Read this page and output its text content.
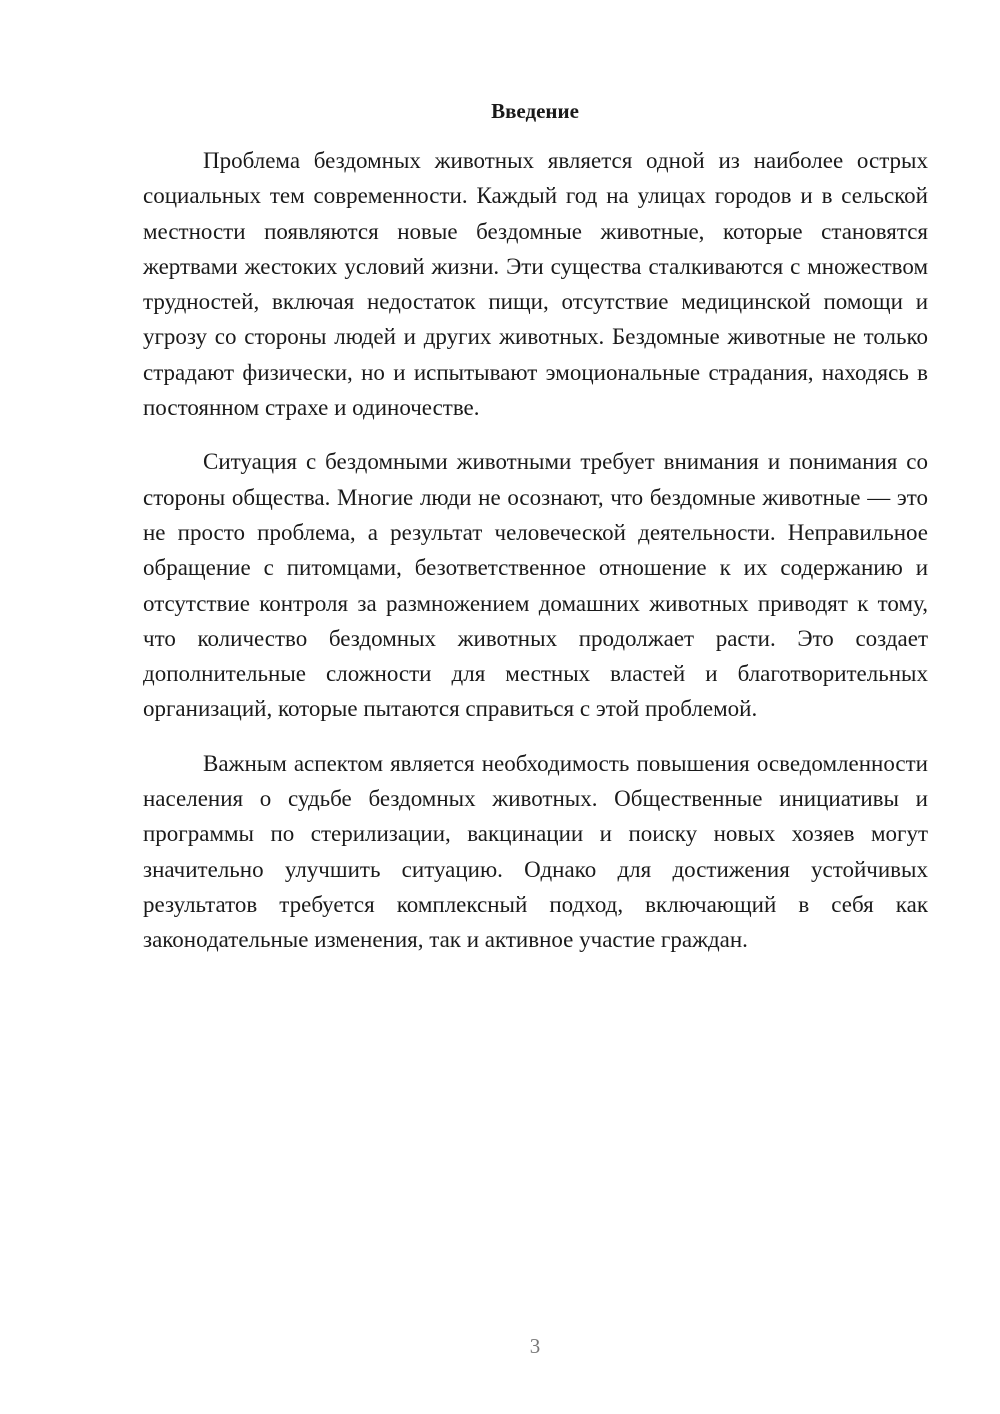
Введение

Проблема бездомных животных является одной из наиболее острых социальных тем современности. Каждый год на улицах городов и в сельской местности появляются новые бездомные животные, которые становятся жертвами жестоких условий жизни. Эти существа сталкиваются с множеством трудностей, включая недостаток пищи, отсутствие медицинской помощи и угрозу со стороны людей и других животных. Бездомные животные не только страдают физически, но и испытывают эмоциональные страдания, находясь в постоянном страхе и одиночестве.

Ситуация с бездомными животными требует внимания и понимания со стороны общества. Многие люди не осознают, что бездомные животные — это не просто проблема, а результат человеческой деятельности. Неправильное обращение с питомцами, безответственное отношение к их содержанию и отсутствие контроля за размножением домашних животных приводят к тому, что количество бездомных животных продолжает расти. Это создает дополнительные сложности для местных властей и благотворительных организаций, которые пытаются справиться с этой проблемой.

Важным аспектом является необходимость повышения осведомленности населения о судьбе бездомных животных. Общественные инициативы и программы по стерилизации, вакцинации и поиску новых хозяев могут значительно улучшить ситуацию. Однако для достижения устойчивых результатов требуется комплексный подход, включающий в себя как законодательные изменения, так и активное участие граждан.

3
